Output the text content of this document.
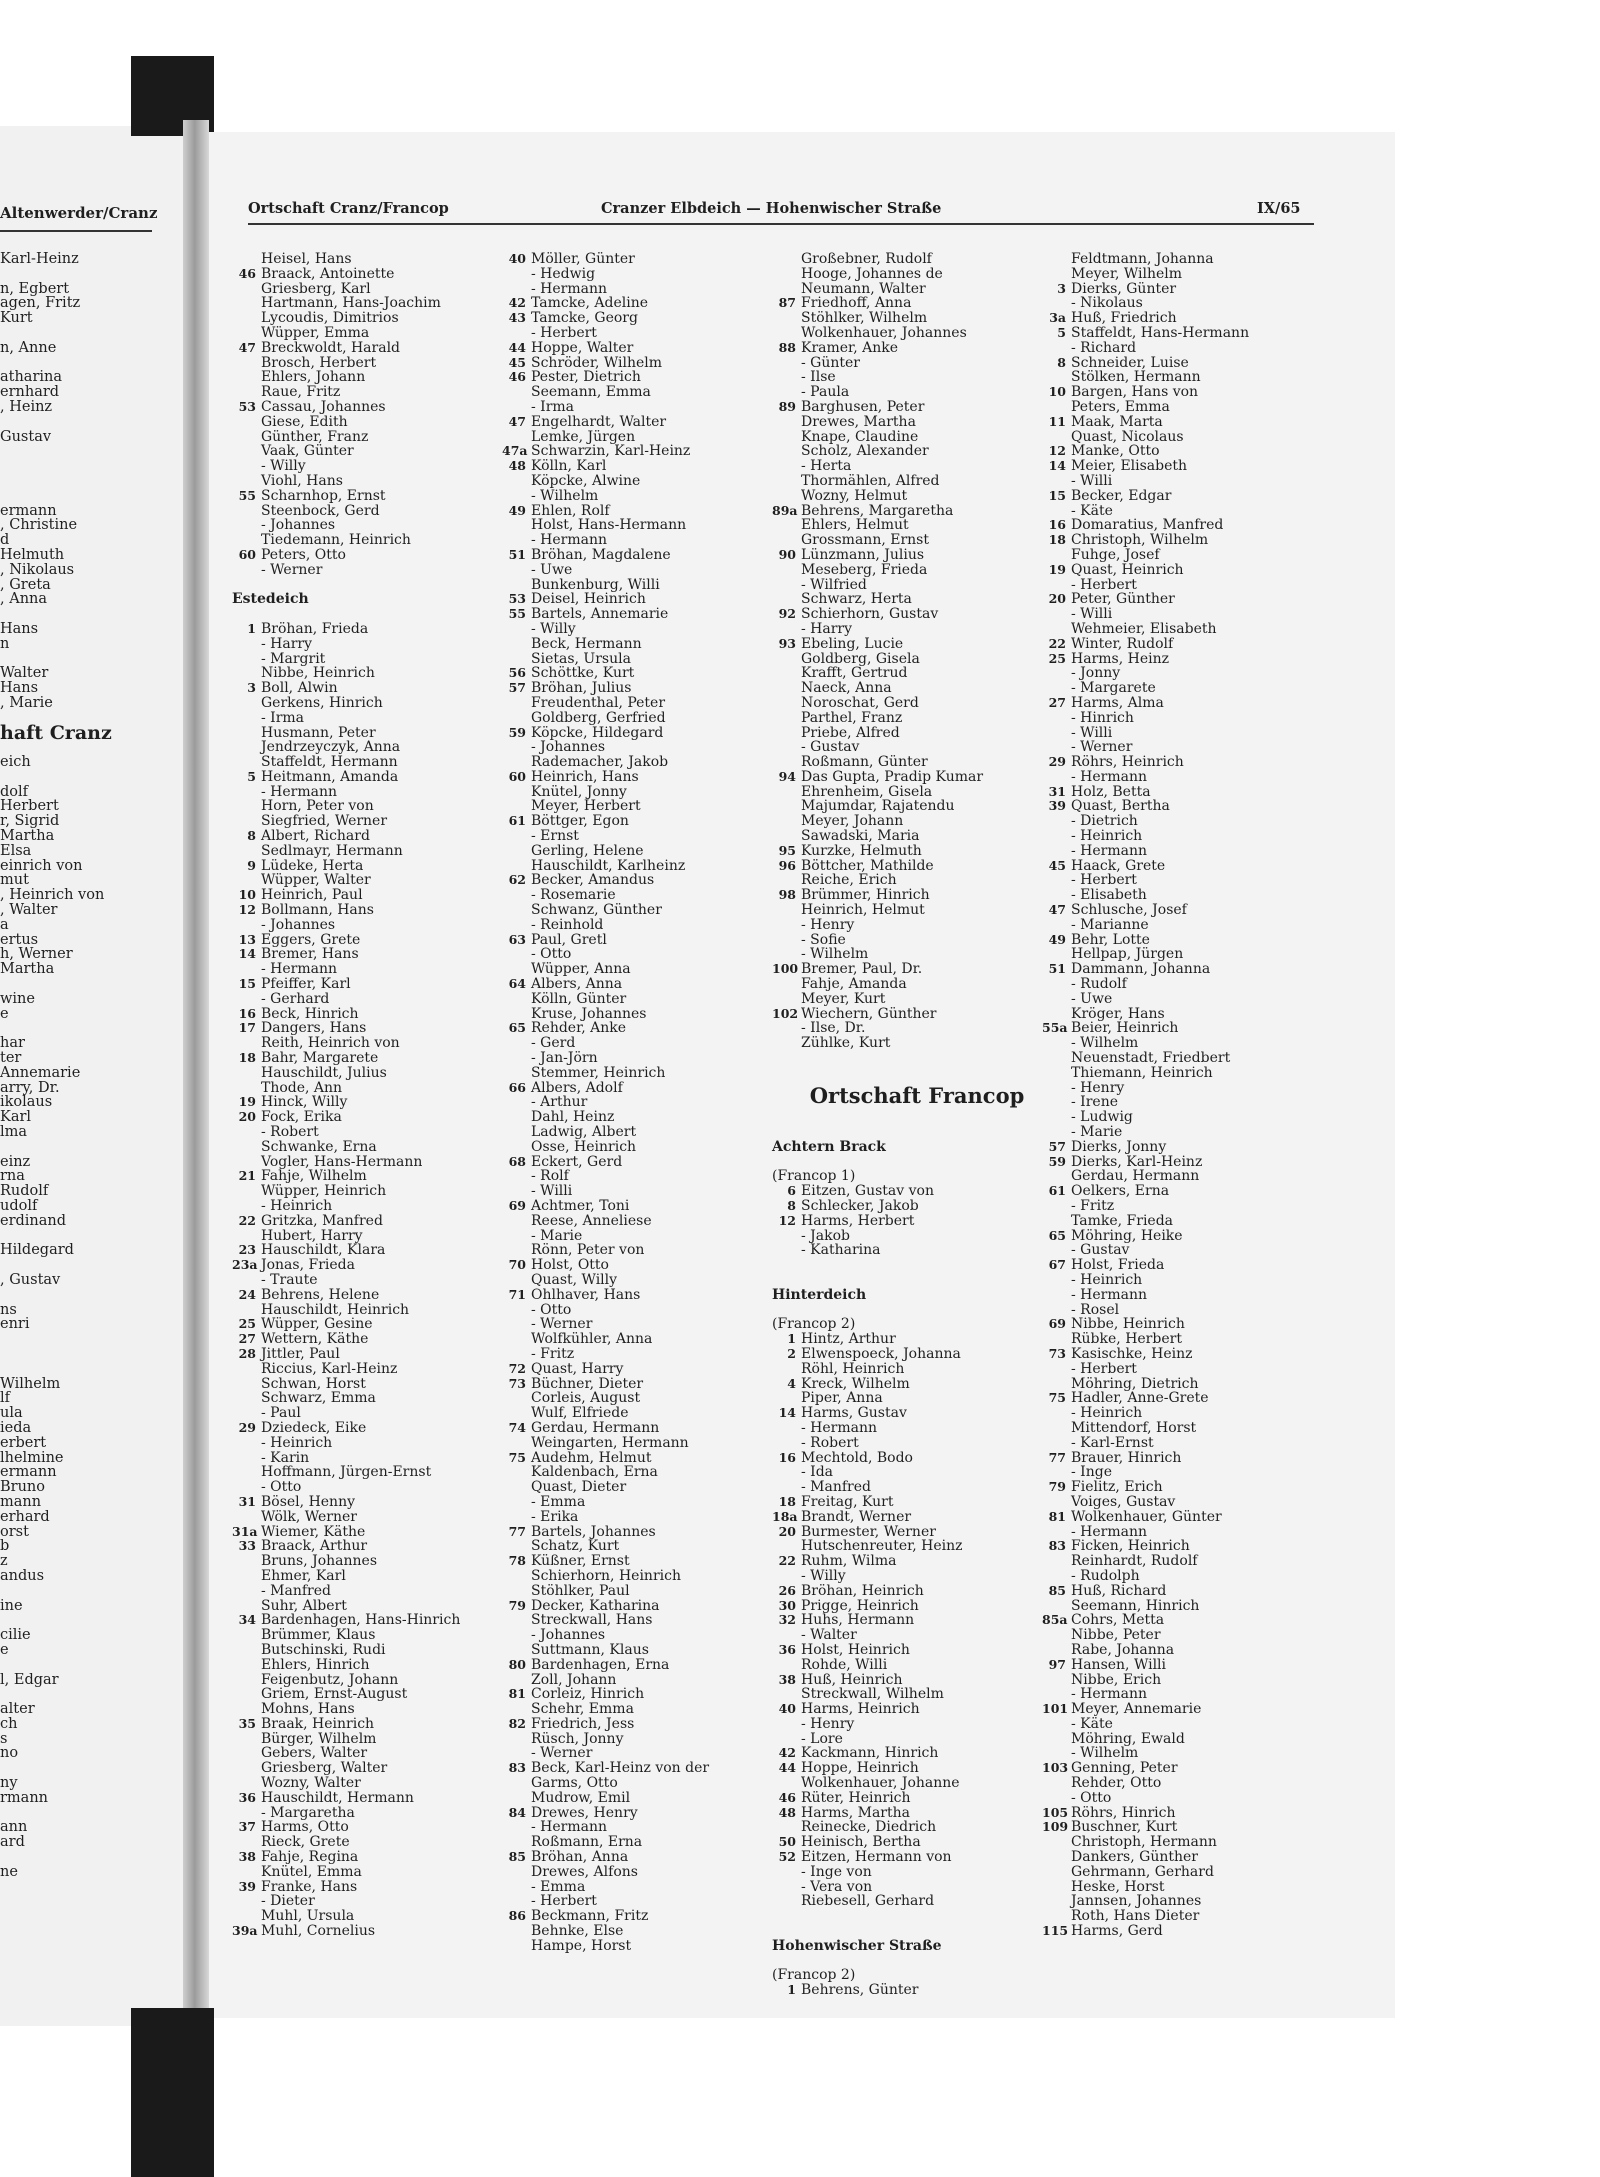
Altenwerder/Cranz
Karl-Heinz
n, Egbert
agen, Fritz
Kurt
n, Anne
atharina
ernhard
, Heinz
Gustav
ermann
, Christine
d
Helmuth
, Nikolaus
, Greta
, Anna
Hans
n
Walter
Hans
, Marie
haft Cranz
eich
dolf
Herbert
r, Sigrid
Martha
Elsa
einrich von
mut
, Heinrich von
, Walter
a
ertus
h, Werner
Martha
wine
e
har
ter
Annemarie
arry, Dr.
ikolaus
Karl
lma
einz
rna
Rudolf
udolf
erdinand
Hildegard
, Gustav
ns
enri
Wilhelm
lf
ula
ieda
erbert
lhelmine
ermann
Bruno
mann
erhard
orst
b
z
andus
ine
cilie
e
l, Edgar
alter
ch
s
no
ny
rmann
ann
ard
ne
Ortschaft Cranz/Francop	Cranzer Elbdeich — Hohenwischer Straße	IX/65
Heisel, Hans
46 Braack, Antoinette
Griesberg, Karl
Hartmann, Hans-Joachim
Lycoudis, Dimitrios
Wüpper, Emma
47 Breckwoldt, Harald
Brosch, Herbert
Ehlers, Johann
Raue, Fritz
53 Cassau, Johannes
Giese, Edith
Günther, Franz
Vaak, Günter
- Willy
Viohl, Hans
55 Scharnhop, Ernst
Steenbock, Gerd
- Johannes
Tiedemann, Heinrich
60 Peters, Otto
- Werner
Estedeich
1 Bröhan, Frieda
- Harry
- Margrit
Nibbe, Heinrich
3 Boll, Alwin
Gerkens, Hinrich
- Irma
Husmann, Peter
Jendrzeyczyk, Anna
Staffeldt, Hermann
5 Heitmann, Amanda
- Hermann
Horn, Peter von
Siegfried, Werner
8 Albert, Richard
Sedlmayr, Hermann
9 Lüdeke, Herta
Wüpper, Walter
10 Heinrich, Paul
12 Bollmann, Hans
- Johannes
13 Eggers, Grete
14 Bremer, Hans
- Hermann
15 Pfeiffer, Karl
- Gerhard
16 Beck, Hinrich
17 Dangers, Hans
Reith, Heinrich von
18 Bahr, Margarete
Hauschildt, Julius
Thode, Ann
19 Hinck, Willy
20 Fock, Erika
- Robert
Schwanke, Erna
Vogler, Hans-Hermann
21 Fahje, Wilhelm
Wüpper, Heinrich
- Heinrich
22 Gritzka, Manfred
Hubert, Harry
23 Hauschildt, Klara
23a Jonas, Frieda
- Traute
24 Behrens, Helene
Hauschildt, Heinrich
25 Wüpper, Gesine
27 Wettern, Käthe
28 Jittler, Paul
Riccius, Karl-Heinz
Schwan, Horst
Schwarz, Emma
- Paul
29 Dziedeck, Eike
- Heinrich
- Karin
Hoffmann, Jürgen-Ernst
- Otto
31 Bösel, Henny
Wölk, Werner
31a Wiemer, Käthe
33 Braack, Arthur
Bruns, Johannes
Ehmer, Karl
- Manfred
Suhr, Albert
34 Bardenhagen, Hans-Hinrich
Brümmer, Klaus
Butschinski, Rudi
Ehlers, Hinrich
Feigenbutz, Johann
Griem, Ernst-August
Mohns, Hans
35 Braak, Heinrich
Bürger, Wilhelm
Gebers, Walter
Griesberg, Walter
Wozny, Walter
36 Hauschildt, Hermann
- Margaretha
37 Harms, Otto
Rieck, Grete
38 Fahje, Regina
Knütel, Emma
39 Franke, Hans
- Dieter
Muhl, Ursula
39a Muhl, Cornelius
40 Möller, Günter
- Hedwig
- Hermann
42 Tamcke, Adeline
43 Tamcke, Georg
- Herbert
44 Hoppe, Walter
45 Schröder, Wilhelm
46 Pester, Dietrich
Seemann, Emma
- Irma
47 Engelhardt, Walter
Lemke, Jürgen
47a Schwarzin, Karl-Heinz
48 Kölln, Karl
Köpcke, Alwine
- Wilhelm
49 Ehlen, Rolf
Holst, Hans-Hermann
- Hermann
51 Bröhan, Magdalene
- Uwe
Bunkenburg, Willi
53 Deisel, Heinrich
55 Bartels, Annemarie
- Willy
Beck, Hermann
Sietas, Ursula
56 Schöttke, Kurt
57 Bröhan, Julius
Freudenthal, Peter
Goldberg, Gerfried
59 Köpcke, Hildegard
- Johannes
Rademacher, Jakob
60 Heinrich, Hans
Knütel, Jonny
Meyer, Herbert
61 Böttger, Egon
- Ernst
Gerling, Helene
Hauschildt, Karlheinz
62 Becker, Amandus
- Rosemarie
Schwanz, Günther
- Reinhold
63 Paul, Gretl
- Otto
Wüpper, Anna
64 Albers, Anna
Kölln, Günter
Kruse, Johannes
65 Rehder, Anke
- Gerd
- Jan-Jörn
Stemmer, Heinrich
66 Albers, Adolf
- Arthur
Dahl, Heinz
Ladwig, Albert
Osse, Heinrich
68 Eckert, Gerd
- Rolf
- Willi
69 Achtmer, Toni
Reese, Anneliese
- Marie
Rönn, Peter von
70 Holst, Otto
Quast, Willy
71 Ohlhaver, Hans
- Otto
- Werner
Wolfkühler, Anna
- Fritz
72 Quast, Harry
73 Büchner, Dieter
Corleis, August
Wulf, Elfriede
74 Gerdau, Hermann
Weingarten, Hermann
75 Audehm, Helmut
Kaldenbach, Erna
Quast, Dieter
- Emma
- Erika
77 Bartels, Johannes
Schatz, Kurt
78 Küßner, Ernst
Schierhorn, Heinrich
Stöhlker, Paul
79 Decker, Katharina
Streckwall, Hans
- Johannes
Suttmann, Klaus
80 Bardenhagen, Erna
Zoll, Johann
81 Corleiz, Hinrich
Schehr, Emma
82 Friedrich, Jess
Rüsch, Jonny
- Werner
83 Beck, Karl-Heinz von der
Garms, Otto
Mudrow, Emil
84 Drewes, Henry
- Hermann
Roßmann, Erna
85 Bröhan, Anna
Drewes, Alfons
- Emma
- Herbert
86 Beckmann, Fritz
Behnke, Else
Hampe, Horst
Großebner, Rudolf
Hooge, Johannes de
Neumann, Walter
87 Friedhoff, Anna
Stöhlker, Wilhelm
Wolkenhauer, Johannes
88 Kramer, Anke
- Günter
- Ilse
- Paula
89 Barghusen, Peter
Drewes, Martha
Knape, Claudine
Scholz, Alexander
- Herta
Thormählen, Alfred
Wozny, Helmut
89a Behrens, Margaretha
Ehlers, Helmut
Grossmann, Ernst
90 Lünzmann, Julius
Meseberg, Frieda
- Wilfried
Schwarz, Herta
92 Schierhorn, Gustav
- Harry
93 Ebeling, Lucie
Goldberg, Gisela
Krafft, Gertrud
Naeck, Anna
Noroschat, Gerd
Parthel, Franz
Priebe, Alfred
- Gustav
Roßmann, Günter
94 Das Gupta, Pradip Kumar
Ehrenheim, Gisela
Majumdar, Rajatendu
Meyer, Johann
Sawadski, Maria
95 Kurzke, Helmuth
96 Böttcher, Mathilde
Reiche, Erich
98 Brümmer, Hinrich
Heinrich, Helmut
- Henry
- Sofie
- Wilhelm
100 Bremer, Paul, Dr.
Fahje, Amanda
Meyer, Kurt
102 Wiechern, Günther
- Ilse, Dr.
Zühlke, Kurt
Ortschaft Francop
Achtern Brack
(Francop 1)
6 Eitzen, Gustav von
8 Schlecker, Jakob
12 Harms, Herbert
- Jakob
- Katharina
Hinterdeich
(Francop 2)
1 Hintz, Arthur
2 Elwenspoeck, Johanna
Röhl, Heinrich
4 Kreck, Wilhelm
Piper, Anna
14 Harms, Gustav
- Hermann
- Robert
16 Mechtold, Bodo
- Ida
- Manfred
18 Freitag, Kurt
18a Brandt, Werner
20 Burmester, Werner
Hutschenreuter, Heinz
22 Ruhm, Wilma
- Willy
26 Bröhan, Heinrich
30 Prigge, Heinrich
32 Huhs, Hermann
- Walter
36 Holst, Heinrich
Rohde, Willi
38 Huß, Heinrich
Streckwall, Wilhelm
40 Harms, Heinrich
- Henry
- Lore
42 Kackmann, Hinrich
44 Hoppe, Heinrich
Wolkenhauer, Johanne
46 Rüter, Heinrich
48 Harms, Martha
Reinecke, Diedrich
50 Heinisch, Bertha
52 Eitzen, Hermann von
- Inge von
- Vera von
Riebesell, Gerhard
Hohenwischer Straße
(Francop 2)
1 Behrens, Günter
Feldtmann, Johanna
Meyer, Wilhelm
3 Dierks, Günter
- Nikolaus
3a Huß, Friedrich
5 Staffeldt, Hans-Hermann
- Richard
8 Schneider, Luise
Stölken, Hermann
10 Bargen, Hans von
Peters, Emma
11 Maak, Marta
Quast, Nicolaus
12 Manke, Otto
14 Meier, Elisabeth
- Willi
15 Becker, Edgar
- Käte
16 Domaratius, Manfred
18 Christoph, Wilhelm
Fuhge, Josef
19 Quast, Heinrich
- Herbert
20 Peter, Günther
- Willi
Wehmeier, Elisabeth
22 Winter, Rudolf
25 Harms, Heinz
- Jonny
- Margarete
27 Harms, Alma
- Hinrich
- Willi
- Werner
29 Röhrs, Heinrich
- Hermann
31 Holz, Betta
39 Quast, Bertha
- Dietrich
- Heinrich
- Hermann
45 Haack, Grete
- Herbert
- Elisabeth
47 Schlusche, Josef
- Marianne
49 Behr, Lotte
Hellpap, Jürgen
51 Dammann, Johanna
- Rudolf
- Uwe
Kröger, Hans
55a Beier, Heinrich
- Wilhelm
Neuenstadt, Friedbert
Thiemann, Heinrich
- Henry
- Irene
- Ludwig
- Marie
57 Dierks, Jonny
59 Dierks, Karl-Heinz
Gerdau, Hermann
61 Oelkers, Erna
- Fritz
Tamke, Frieda
65 Möhring, Heike
- Gustav
67 Holst, Frieda
- Heinrich
- Hermann
- Rosel
69 Nibbe, Heinrich
Rübke, Herbert
73 Kasischke, Heinz
- Herbert
Möhring, Dietrich
75 Hadler, Anne-Grete
- Heinrich
Mittendorf, Horst
- Karl-Ernst
77 Brauer, Hinrich
- Inge
79 Fielitz, Erich
Voiges, Gustav
81 Wolkenhauer, Günter
- Hermann
83 Ficken, Heinrich
Reinhardt, Rudolf
- Rudolph
85 Huß, Richard
Seemann, Hinrich
85a Cohrs, Metta
Nibbe, Peter
Rabe, Johanna
97 Hansen, Willi
Nibbe, Erich
- Hermann
101 Meyer, Annemarie
- Käte
Möhring, Ewald
- Wilhelm
103 Genning, Peter
Rehder, Otto
- Otto
105 Röhrs, Hinrich
109 Buschner, Kurt
Christoph, Hermann
Dankers, Günther
Gehrmann, Gerhard
Heske, Horst
Jannsen, Johannes
Roth, Hans Dieter
115 Harms, Gerd
